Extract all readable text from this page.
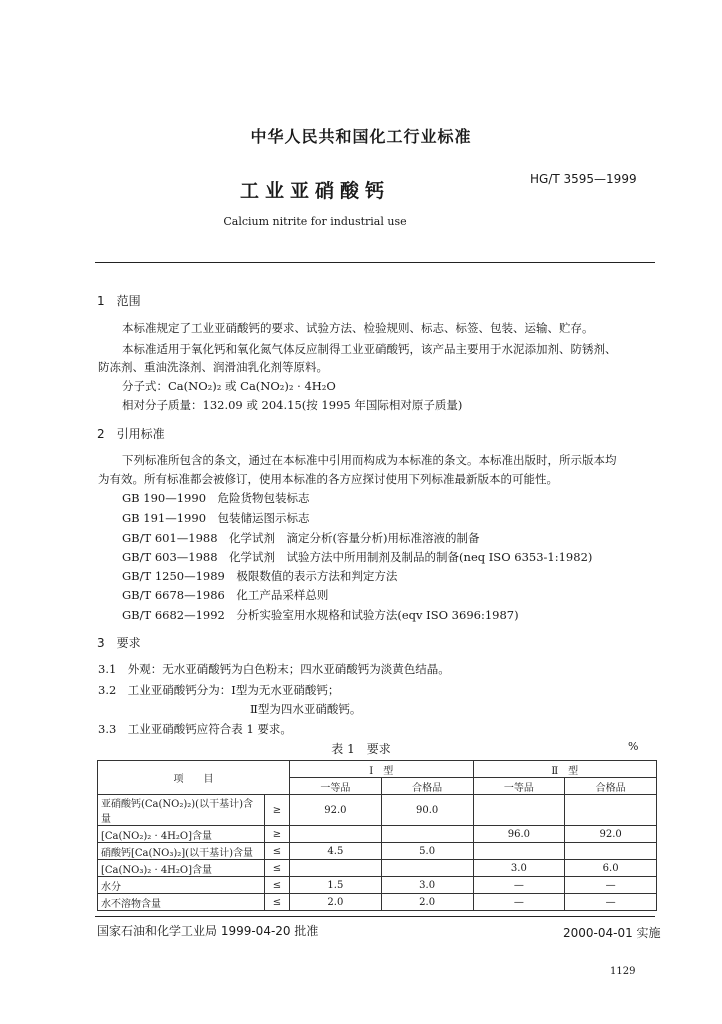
中华人民共和国化工行业标准
HG/T 3595—1999
工业亚硝酸钙
Calcium nitrite for industrial use
1　范围
本标准规定了工业亚硝酸钙的要求、试验方法、检验规则、标志、标签、包装、运输、贮存。
本标准适用于氧化钙和氧化氮气体反应制得工业亚硝酸钙，该产品主要用于水泥添加剂、防锈剂、
防冻剂、重油洗涤剂、润滑油乳化剂等原料。
分子式：Ca(NO₂)₂ 或 Ca(NO₂)₂ · 4H₂O
相对分子质量：132.09 或 204.15(按 1995 年国际相对原子质量)
2　引用标准
下列标准所包含的条文，通过在本标准中引用而构成为本标准的条文。本标准出版时，所示版本均
为有效。所有标准都会被修订，使用本标准的各方应探讨使用下列标准最新版本的可能性。
GB 190—1990　危险货物包装标志
GB 191—1990　包装储运图示标志
GB/T 601—1988　化学试剂　滴定分析(容量分析)用标准溶液的制备
GB/T 603—1988　化学试剂　试验方法中所用制剂及制品的制备(neq ISO 6353-1:1982)
GB/T 1250—1989　极限数值的表示方法和判定方法
GB/T 6678—1986　化工产品采样总则
GB/T 6682—1992　分析实验室用水规格和试验方法(eqv ISO 3696:1987)
3　要求
3.1　外观：无水亚硝酸钙为白色粉末；四水亚硝酸钙为淡黄色结晶。
3.2　工业亚硝酸钙分为：Ⅰ型为无水亚硝酸钙；
Ⅱ型为四水亚硝酸钙。
3.3　工业亚硝酸钙应符合表 1 要求。
表 1　要求	%
项　　目		Ⅰ　型		Ⅱ　型	
		一等品	合格品	一等品	合格品
亚硝酸钙(Ca(NO₂)₂)(以干基计)含量	≥	92.0	90.0		
[Ca(NO₂)₂ · 4H₂O]含量	≥			96.0	92.0
硝酸钙[Ca(NO₃)₂](以干基计)含量	≤	4.5	5.0		
[Ca(NO₃)₂ · 4H₂O]含量	≤			3.0	6.0
水分	≤	1.5	3.0	—	—
水不溶物含量	≤	2.0	2.0	—	—
国家石油和化学工业局 1999-04-20 批准	2000-04-01 实施
1129
